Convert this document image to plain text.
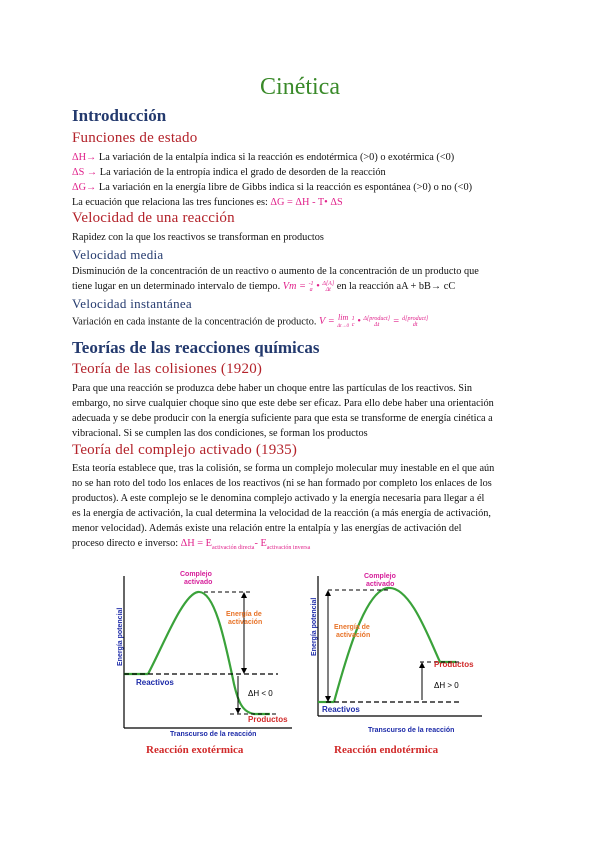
Cinética
Introducción
Funciones de estado
ΔH→ La variación de la entalpía indica si la reacción es endotérmica (>0) o exotérmica (<0)
ΔS → La variación de la entropía indica el grado de desorden de la reacción
ΔG→ La variación en la energía libre de Gibbs indica si la reacción es espontánea (>0) o no (<0)
La ecuación que relaciona las tres funciones es: ΔG = ΔH - T• ΔS
Velocidad de una reacción
Rapidez con la que los reactivos se transforman en productos
Velocidad media
Disminución de la concentración de un reactivo o aumento de la concentración de un producto que
tiene lugar en un determinado intervalo de tiempo. Vm = -1
a • Δ[A]
Δt en la reacción aA + bB→ cC
Velocidad instantánea
Variación en cada instante de la concentración de producto. V = lim
Δt→0 1
c • Δ[product]
Δt = d[product]
dt
Teorías de las reacciones químicas
Teoría de las colisiones (1920)
Para que una reacción se produzca debe haber un choque entre las partículas de los reactivos. Sin
embargo, no sirve cualquier choque sino que este debe ser eficaz. Para ello debe haber una orientación
adecuada y se debe producir con la energía suficiente para que esta se transforme de energía cinética a
vibracional. Si se cumplen las dos condiciones, se forman los productos
Teoría del complejo activado (1935)
Esta teoría establece que, tras la colisión, se forma un complejo molecular muy inestable en el que aún
no se han roto del todo los enlaces de los reactivos (ni se han formado por completo los enlaces de los
productos). A este complejo se le denomina complejo activado y la energía necesaria para llegar a él
es la energía de activación, la cual determina la velocidad de la reacción (a más energía de activación,
menor velocidad). Además existe una relación entre la entalpía y las energías de activación del
proceso directo e inverso: $\Delta H = E_{activación directa}-$ $E_{activación inversa}$
Energía potencial
Transcurso de la reacción
Complejo
activado
Energía de
activación
Reactivos
ΔH < 0
Productos
Reacción exotérmica
Energía potencial
Transcurso de la reacción
Complejo
activado
Energía de
activación
Reactivos
ΔH > 0
Productos
Reacción endotérmica
